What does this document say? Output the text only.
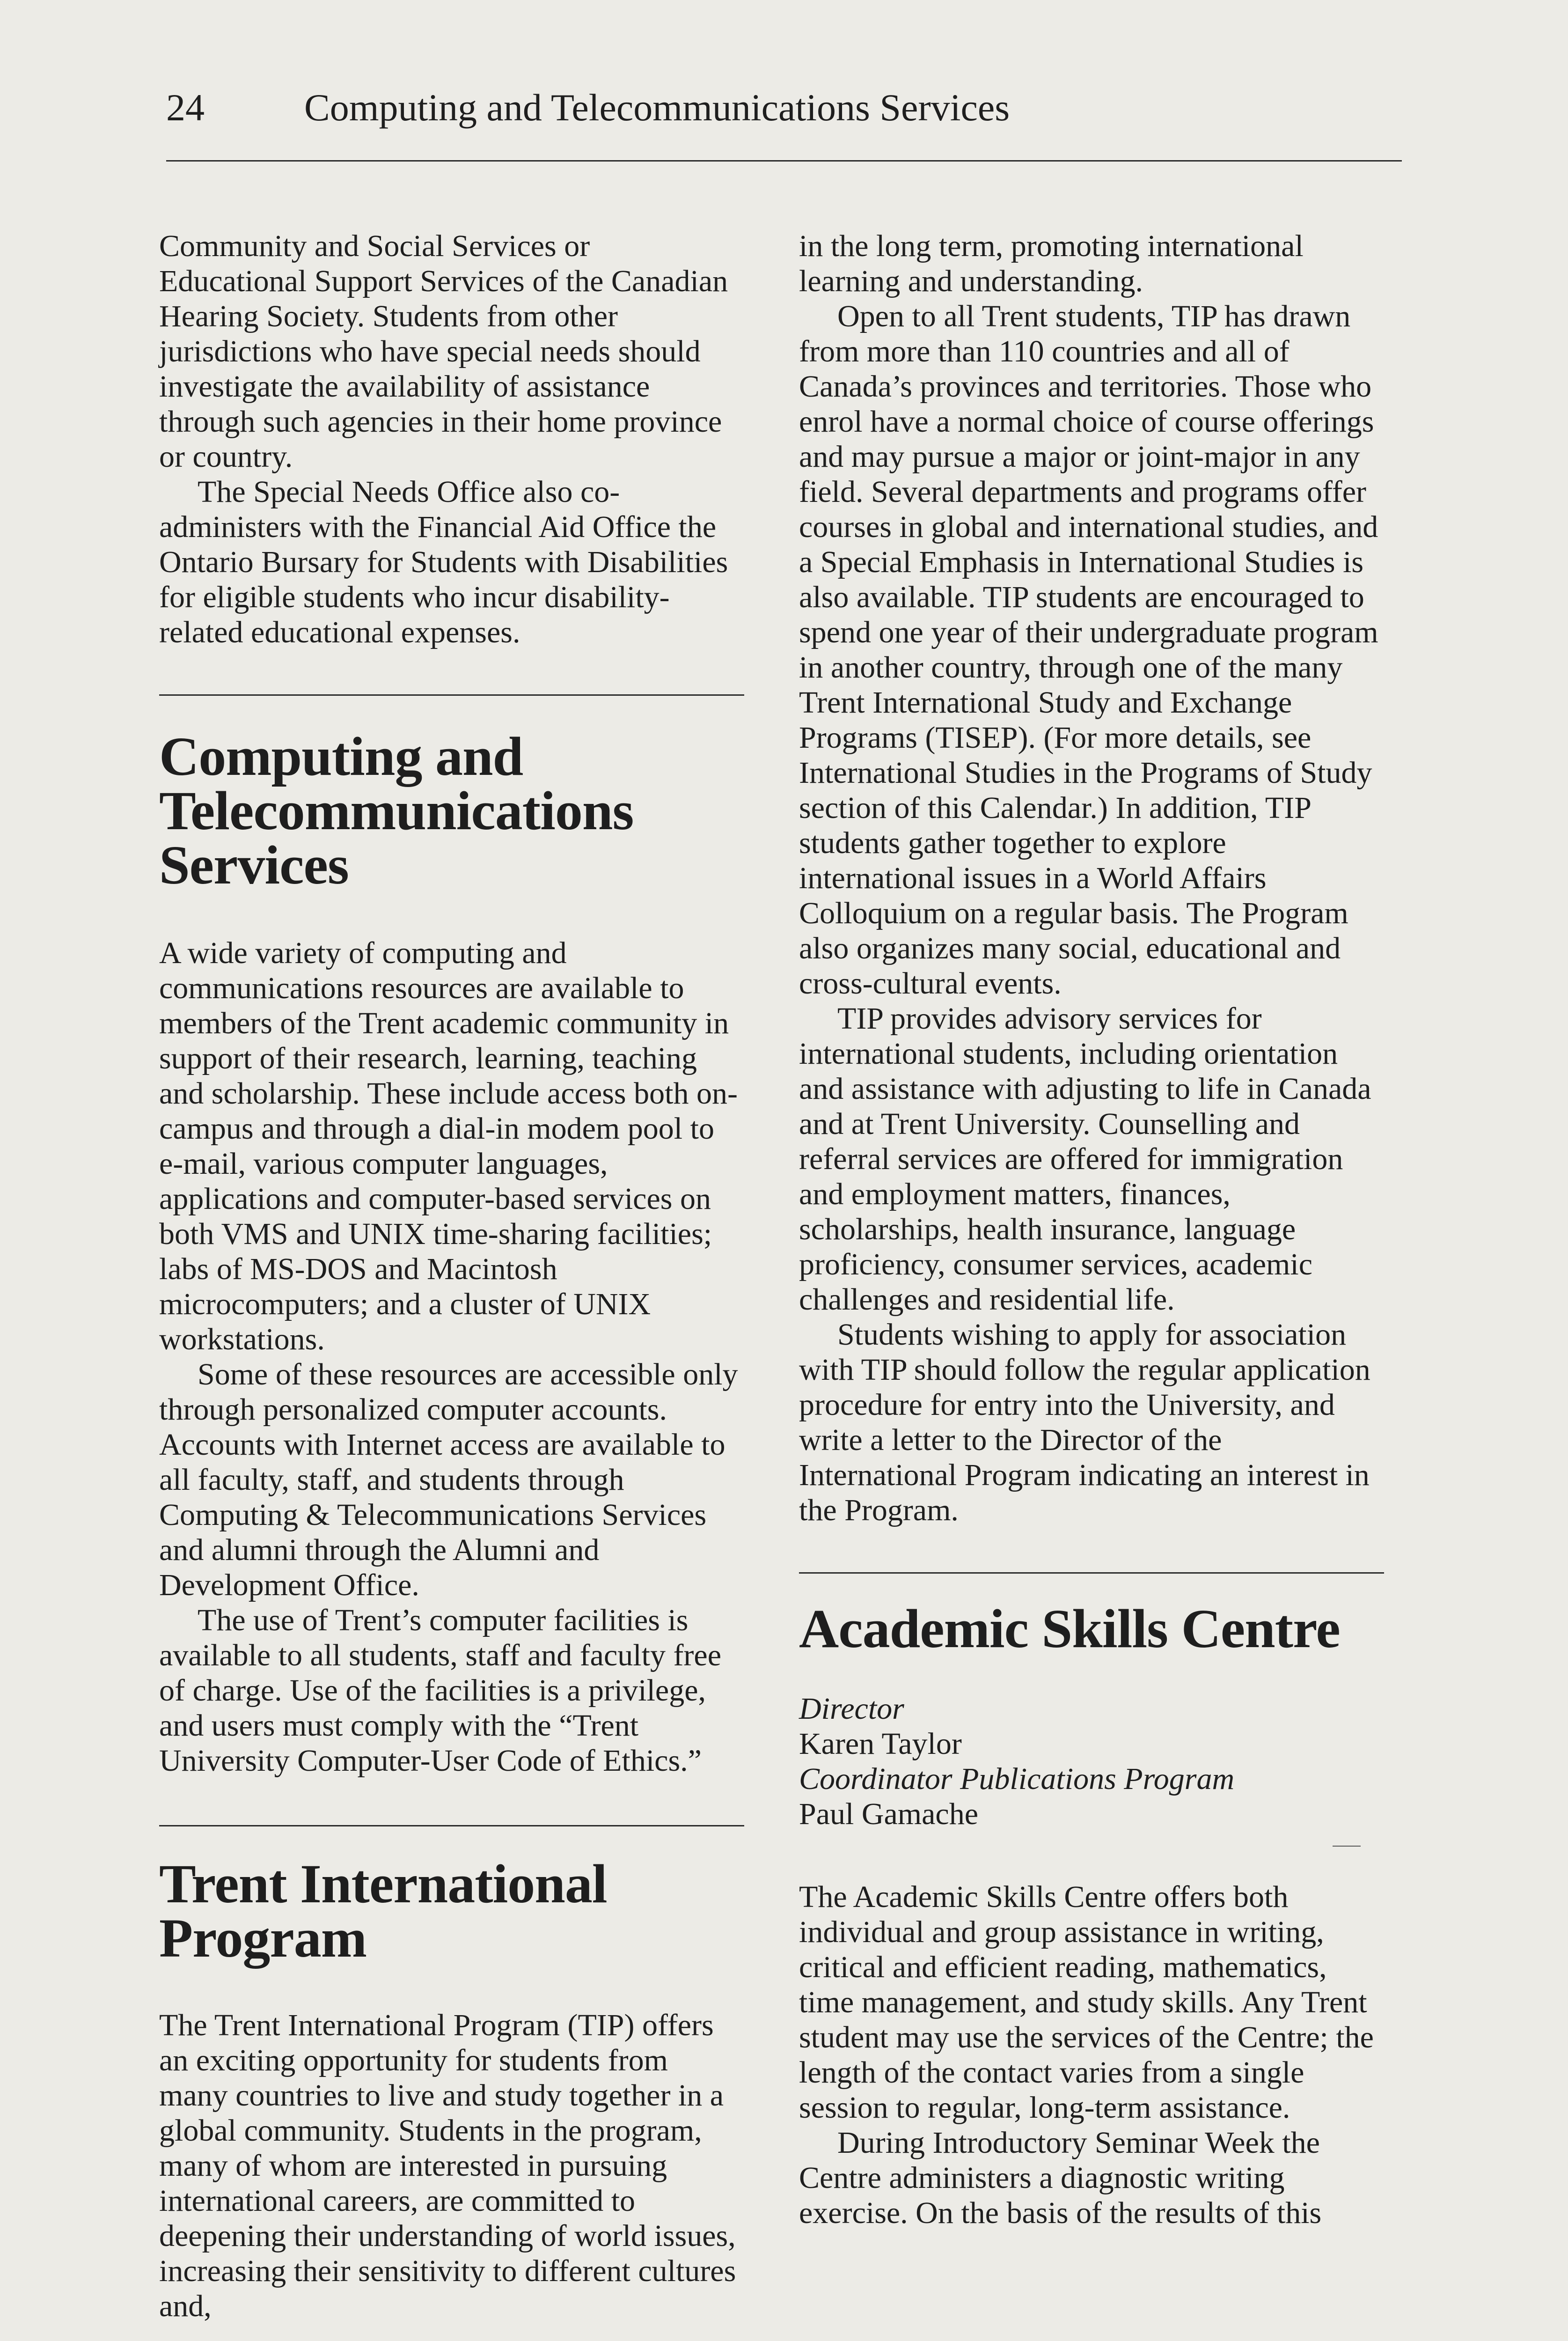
24	Computing and Telecommunications Services

Community and Social Services or Educational Support Services of the Canadian Hearing Society. Students from other jurisdictions who have special needs should investigate the availability of assistance through such agencies in their home province or country.

The Special Needs Office also co-administers with the Financial Aid Office the Ontario Bursary for Students with Disabilities for eligible students who incur disability-related educational expenses.

Computing and Telecommunications Services

A wide variety of computing and communications resources are available to members of the Trent academic community in support of their research, learning, teaching and scholarship. These include access both on-campus and through a dial-in modem pool to e-mail, various computer languages, applications and computer-based services on both VMS and UNIX time-sharing facilities; labs of MS-DOS and Macintosh microcomputers; and a cluster of UNIX workstations.

Some of these resources are accessible only through personalized computer accounts. Accounts with Internet access are available to all faculty, staff, and students through Computing & Telecommunications Services and alumni through the Alumni and Development Office.

The use of Trent’s computer facilities is available to all students, staff and faculty free of charge. Use of the facilities is a privilege, and users must comply with the “Trent University Computer-User Code of Ethics.”

Trent International Program

The Trent International Program (TIP) offers an exciting opportunity for students from many countries to live and study together in a global community. Students in the program, many of whom are interested in pursuing international careers, are committed to deepening their understanding of world issues, increasing their sensitivity to different cultures and,

in the long term, promoting international learning and understanding.

Open to all Trent students, TIP has drawn from more than 110 countries and all of Canada’s provinces and territories. Those who enrol have a normal choice of course offerings and may pursue a major or joint-major in any field. Several departments and programs offer courses in global and international studies, and a Special Emphasis in International Studies is also available. TIP students are encouraged to spend one year of their undergraduate program in another country, through one of the many Trent International Study and Exchange Programs (TISEP). (For more details, see International Studies in the Programs of Study section of this Calendar.) In addition, TIP students gather together to explore international issues in a World Affairs Colloquium on a regular basis. The Program also organizes many social, educational and cross-cultural events.

TIP provides advisory services for international students, including orientation and assistance with adjusting to life in Canada and at Trent University. Counselling and referral services are offered for immigration and employment matters, finances, scholarships, health insurance, language proficiency, consumer services, academic challenges and residential life.

Students wishing to apply for association with TIP should follow the regular application procedure for entry into the University, and write a letter to the Director of the International Program indicating an interest in the Program.

Academic Skills Centre

Director

Karen Taylor

Coordinator Publications Program

Paul Gamache

The Academic Skills Centre offers both individual and group assistance in writing, critical and efficient reading, mathematics, time management, and study skills. Any Trent student may use the services of the Centre; the length of the contact varies from a single session to regular, long-term assistance.

During Introductory Seminar Week the Centre administers a diagnostic writing exercise. On the basis of the results of this
